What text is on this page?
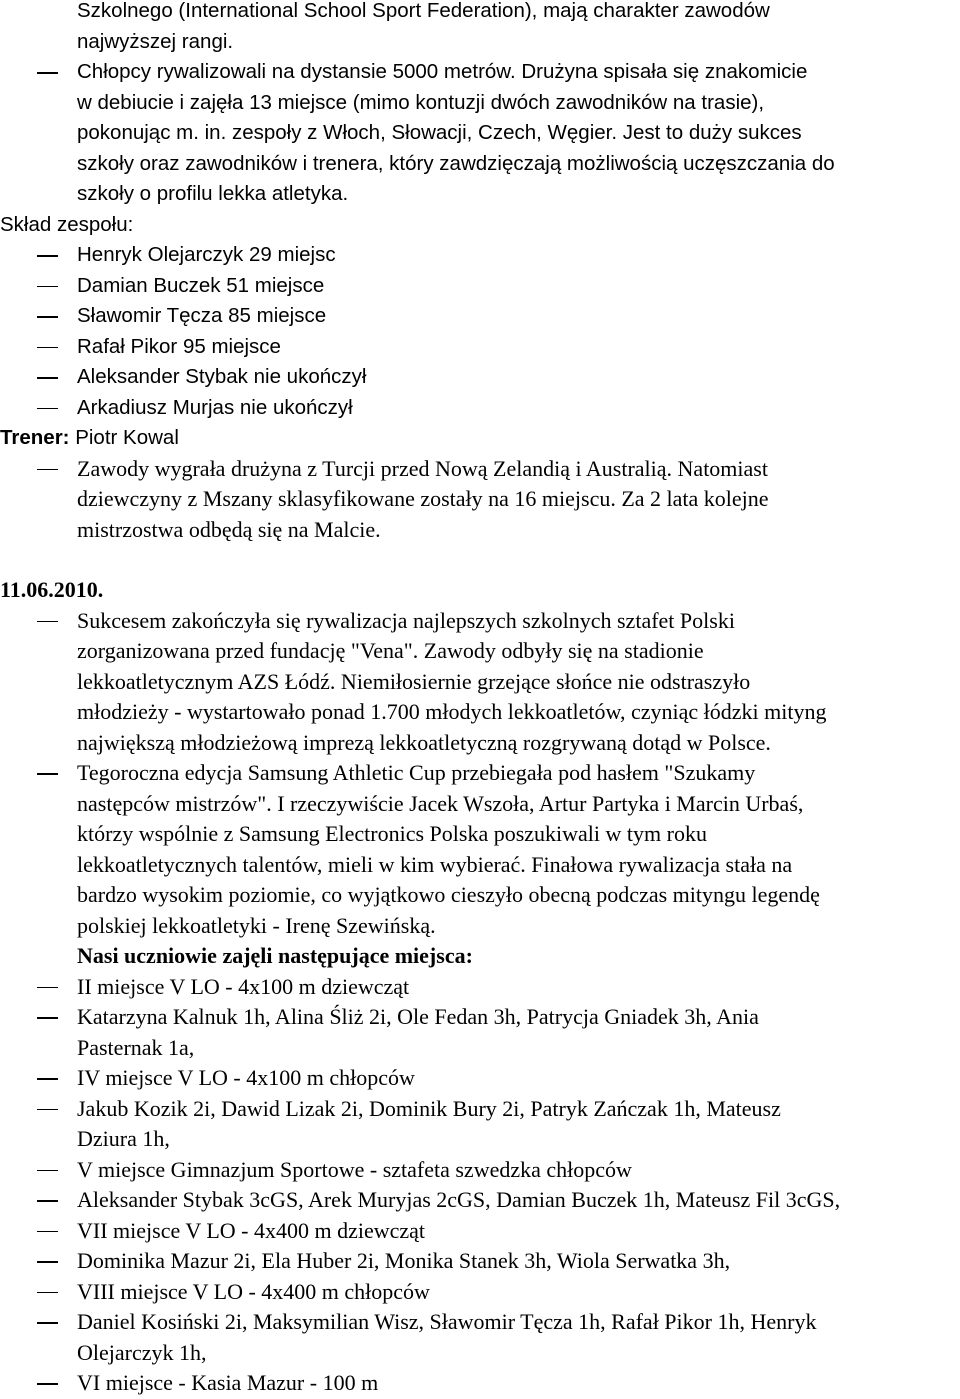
Szkolnego (International School Sport Federation), mają charakter zawodów
najwyższej rangi.
Chłopcy rywalizowali na dystansie 5000 metrów. Drużyna spisała się znakomicie
w debiucie i zajęła 13 miejsce (mimo kontuzji dwóch zawodników na trasie),
pokonując m. in. zespoły z Włoch, Słowacji, Czech, Węgier. Jest to duży sukces
szkoły oraz zawodników i trenera, który zawdzięczają możliwością uczęszczania do
szkoły o profilu lekka atletyka.
Skład zespołu:
Henryk Olejarczyk 29 miejsc
Damian Buczek 51 miejsce
Sławomir Tęcza 85 miejsce
Rafał Pikor 95 miejsce
Aleksander Stybak nie ukończył
Arkadiusz Murjas nie ukończył
Trener: Piotr Kowal
Zawody wygrała drużyna z Turcji przed Nową Zelandią i Australią. Natomiast
dziewczyny z Mszany sklasyfikowane zostały na 16 miejscu. Za 2 lata kolejne
mistrzostwa odbędą się na Malcie.
11.06.2010.
Sukcesem zakończyła się rywalizacja najlepszych szkolnych sztafet Polski
zorganizowana przed fundację "Vena". Zawody odbyły się na stadionie
lekkoatletycznym AZS Łódź. Niemiłosiernie grzejące słońce nie odstraszyło
młodzieży - wystartowało ponad 1.700 młodych lekkoatletów, czyniąc łódzki mityng
największą młodzieżową imprezą lekkoatletyczną rozgrywaną dotąd w Polsce.
Tegoroczna edycja Samsung Athletic Cup przebiegała pod hasłem "Szukamy
następców mistrzów". I rzeczywiście Jacek Wszoła, Artur Partyka i Marcin Urbaś,
którzy wspólnie z Samsung Electronics Polska poszukiwali w tym roku
lekkoatletycznych talentów, mieli w kim wybierać. Finałowa rywalizacja stała na
bardzo wysokim poziomie, co wyjątkowo cieszyło obecną podczas mityngu legendę
polskiej lekkoatletyki - Irenę Szewińską.
Nasi uczniowie zajęli następujące miejsca:
II miejsce V LO - 4x100 m dziewcząt
Katarzyna Kalnuk 1h, Alina Śliż 2i, Ole Fedan 3h, Patrycja Gniadek 3h, Ania
Pasternak 1a,
IV miejsce V LO - 4x100 m chłopców
Jakub Kozik 2i, Dawid Lizak 2i, Dominik Bury 2i, Patryk Zańczak 1h, Mateusz
Dziura 1h,
V miejsce Gimnazjum Sportowe - sztafeta szwedzka chłopców
Aleksander Stybak 3cGS, Arek Muryjas 2cGS, Damian Buczek 1h, Mateusz Fil 3cGS,
VII miejsce V LO - 4x400 m dziewcząt
Dominika Mazur 2i, Ela Huber 2i, Monika Stanek 3h, Wiola Serwatka 3h,
VIII miejsce V LO - 4x400 m chłopców
Daniel Kosiński 2i, Maksymilian Wisz, Sławomir Tęcza 1h, Rafał Pikor 1h, Henryk
Olejarczyk 1h,
VI miejsce - Kasia Mazur - 100 m
